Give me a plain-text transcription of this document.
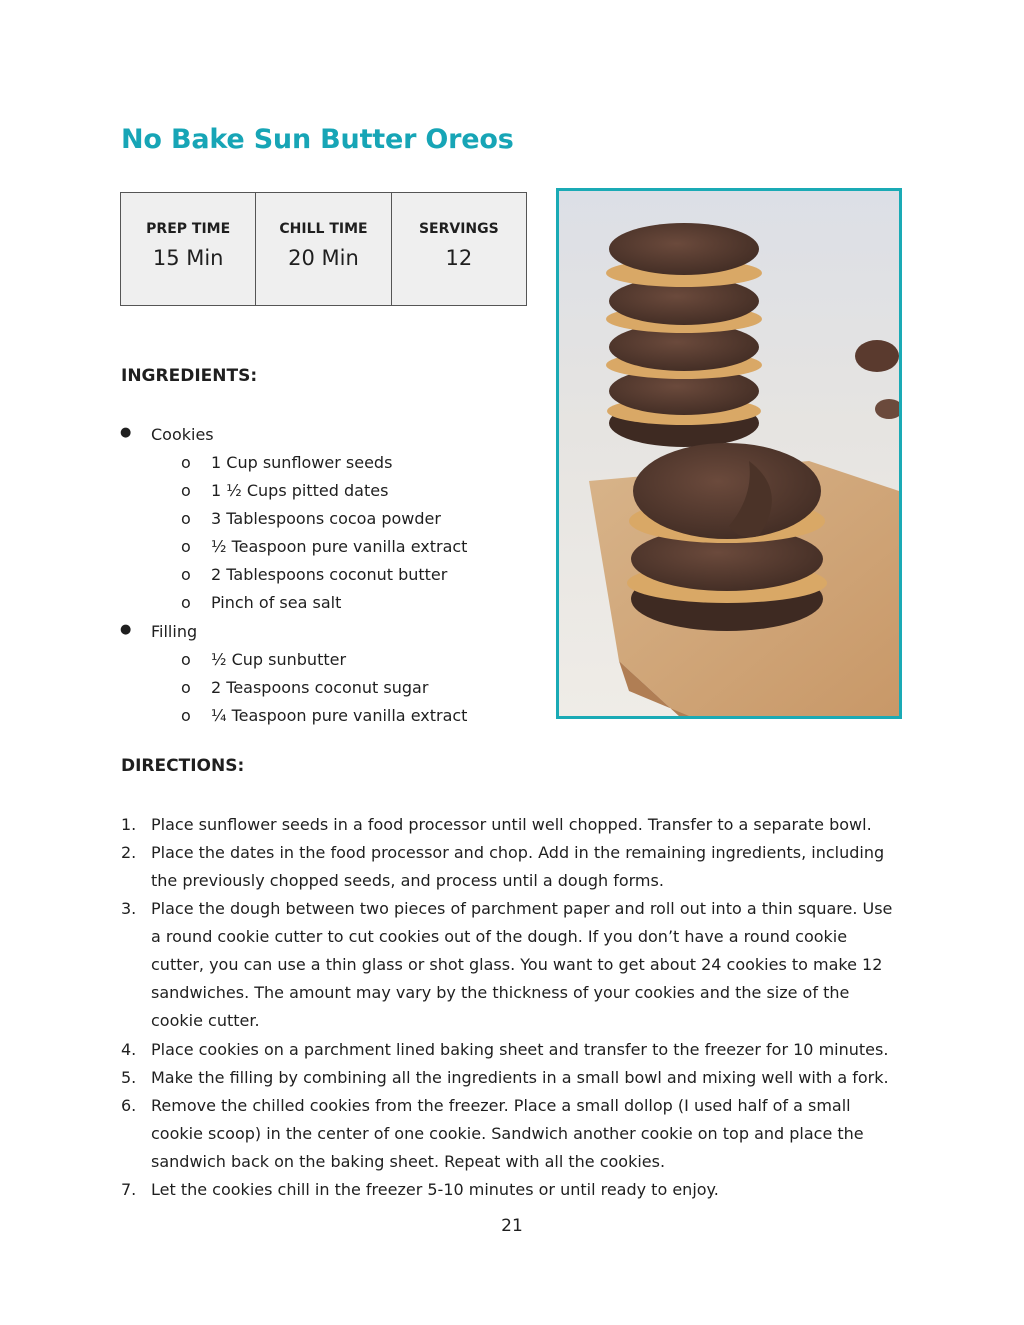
No Bake Sun Butter Oreos
PREP TIME
15 Min
CHILL TIME
20 Min
SERVINGS
12
INGREDIENTS:
● Cookies
o 1 Cup sunflower seeds
o 1 ½ Cups pitted dates
o 3 Tablespoons cocoa powder
o ½ Teaspoon pure vanilla extract
o 2 Tablespoons coconut butter
o Pinch of sea salt
● Filling
o ½ Cup sunbutter
o 2 Teaspoons coconut sugar
o ¼ Teaspoon pure vanilla extract
DIRECTIONS:
1. Place sunflower seeds in a food processor until well chopped. Transfer to a separate bowl.
2. Place the dates in the food processor and chop. Add in the remaining ingredients, including
the previously chopped seeds, and process until a dough forms.
3. Place the dough between two pieces of parchment paper and roll out into a thin square. Use
a round cookie cutter to cut cookies out of the dough. If you don’t have a round cookie
cutter, you can use a thin glass or shot glass. You want to get about 24 cookies to make 12
sandwiches. The amount may vary by the thickness of your cookies and the size of the
cookie cutter.
4. Place cookies on a parchment lined baking sheet and transfer to the freezer for 10 minutes.
5. Make the filling by combining all the ingredients in a small bowl and mixing well with a fork.
6. Remove the chilled cookies from the freezer. Place a small dollop (I used half of a small
cookie scoop) in the center of one cookie. Sandwich another cookie on top and place the
sandwich back on the baking sheet. Repeat with all the cookies.
7. Let the cookies chill in the freezer 5-10 minutes or until ready to enjoy.
21
